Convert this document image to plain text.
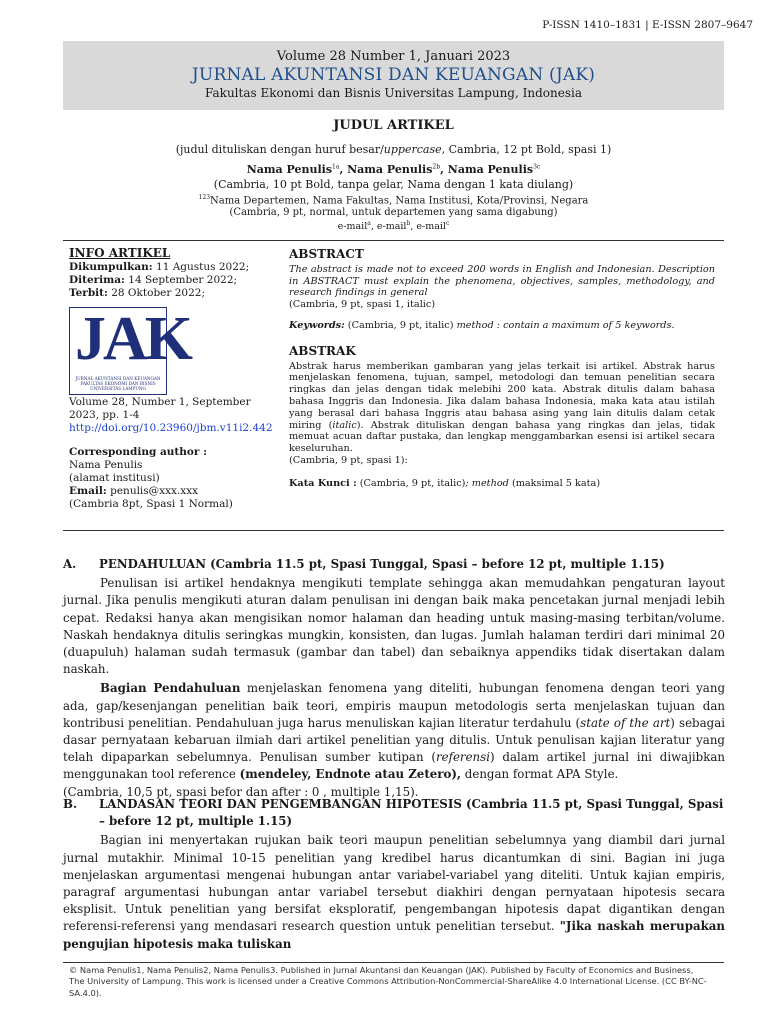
P-ISSN 1410–1831 | E-ISSN 2807–9647
Volume 28 Number 1, Januari 2023
JURNAL AKUNTANSI DAN KEUANGAN (JAK)
Fakultas Ekonomi dan Bisnis Universitas Lampung, Indonesia
JUDUL ARTIKEL
(judul dituliskan dengan huruf besar/uppercase, Cambria, 12 pt Bold, spasi 1)
Nama Penulis$^{1a}$, Nama Penulis$^{2b}$, Nama Penulis$^{3c}$
(Cambria, 10 pt Bold, tanpa gelar, Nama dengan 1 kata diulang)
$^{123}$Nama Departemen, Nama Fakultas, Nama Institusi, Kota/Provinsi, Negara
(Cambria, 9 pt, normal, untuk departemen yang sama digabung)
e-mail$^a$, e-mail$^b$, e-mail$^c$
INFO ARTIKEL
Dikumpulkan: 11 Agustus 2022;
Diterima: 14 September 2022;
Terbit: 28 Oktober 2022;
JAK
JURNAL AKUNTANSI DAN KEUANGAN
FAKULTAS EKONOMI DAN BISNIS
UNIVERSITAS LAMPUNG
Volume 28, Number 1, September 2023, pp. 1-4
http://doi.org/10.23960/jbm.v11i2.442
Corresponding author :
Nama Penulis
(alamat institusi)
Email: penulis@xxx.xxx
(Cambria 8pt, Spasi 1 Normal)
ABSTRACT
The abstract is made not to exceed 200 words in English and Indonesian. Description in ABSTRACT must explain the phenomena, objectives, samples, methodology, and research findings in general
(Cambria, 9 pt, spasi 1, italic)
Keywords: (Cambria, 9 pt, italic) method : contain a maximum of 5 keywords.
ABSTRAK
Abstrak harus memberikan gambaran yang jelas terkait isi artikel. Abstrak harus menjelaskan fenomena, tujuan, sampel, metodologi dan temuan penelitian secara ringkas dan jelas dengan tidak melebihi 200 kata. Abstrak ditulis dalam bahasa bahasa Inggris dan Indonesia. Jika dalam bahasa Indonesia, maka kata atau istilah yang berasal dari bahasa Inggris atau bahasa asing yang lain ditulis dalam cetak miring (italic). Abstrak dituliskan dengan bahasa yang ringkas dan jelas, tidak memuat acuan daftar pustaka, dan lengkap menggambarkan esensi isi artikel secara keseluruhan.
(Cambria, 9 pt, spasi 1):
Kata Kunci : (Cambria, 9 pt, italic); method (maksimal 5 kata)
A. PENDAHULUAN (Cambria 11.5 pt, Spasi Tunggal, Spasi – before 12 pt, multiple 1.15)

Penulisan isi artikel hendaknya mengikuti template sehingga akan memudahkan pengaturan layout jurnal. Jika penulis mengikuti aturan dalam penulisan ini dengan baik maka pencetakan jurnal menjadi lebih cepat. Redaksi hanya akan mengisikan nomor halaman dan heading untuk masing-masing terbitan/volume. Naskah hendaknya ditulis seringkas mungkin, konsisten, dan lugas. Jumlah halaman terdiri dari minimal 20 (duapuluh) halaman sudah termasuk (gambar dan tabel) dan sebaiknya appendiks tidak disertakan dalam naskah.

Bagian Pendahuluan menjelaskan fenomena yang diteliti, hubungan fenomena dengan teori yang ada, gap/kesenjangan penelitian baik teori, empiris maupun metodologis serta menjelaskan tujuan dan kontribusi penelitian. Pendahuluan juga harus menuliskan kajian literatur terdahulu (state of the art) sebagai dasar pernyataan kebaruan ilmiah dari artikel penelitian yang ditulis. Untuk penulisan kajian literatur yang telah dipaparkan sebelumnya. Penulisan sumber kutipan (referensi) dalam artikel jurnal ini diwajibkan menggunakan tool reference (mendeley, Endnote atau Zetero), dengan format APA Style.

(Cambria, 10,5 pt, spasi befor dan after : 0 , multiple 1,15).

B. LANDASAN TEORI DAN PENGEMBANGAN HIPOTESIS (Cambria 11.5 pt, Spasi Tunggal, Spasi – before 12 pt, multiple 1.15)

Bagian ini menyertakan rujukan baik teori maupun penelitian sebelumnya yang diambil dari jurnal jurnal mutakhir. Minimal 10-15 penelitian yang kredibel harus dicantumkan di sini. Bagian ini juga menjelaskan argumentasi mengenai hubungan antar variabel-variabel yang diteliti. Untuk kajian empiris, paragraf argumentasi hubungan antar variabel tersebut diakhiri dengan pernyataan hipotesis secara eksplisit. Untuk penelitian yang bersifat eksploratif, pengembangan hipotesis dapat digantikan dengan referensi-referensi yang mendasari research question untuk penelitian tersebut. "Jika naskah merupakan pengujian hipotesis maka tuliskan

© Nama Penulis1, Nama Penulis2, Nama Penulis3. Published in Jurnal Akuntansi dan Keuangan (JAK). Published by Faculty of Economics and Business, The University of Lampung. This work is licensed under a Creative Commons Attribution-NonCommercial-ShareAlike 4.0 International License. (CC BY-NC-SA.4.0).
